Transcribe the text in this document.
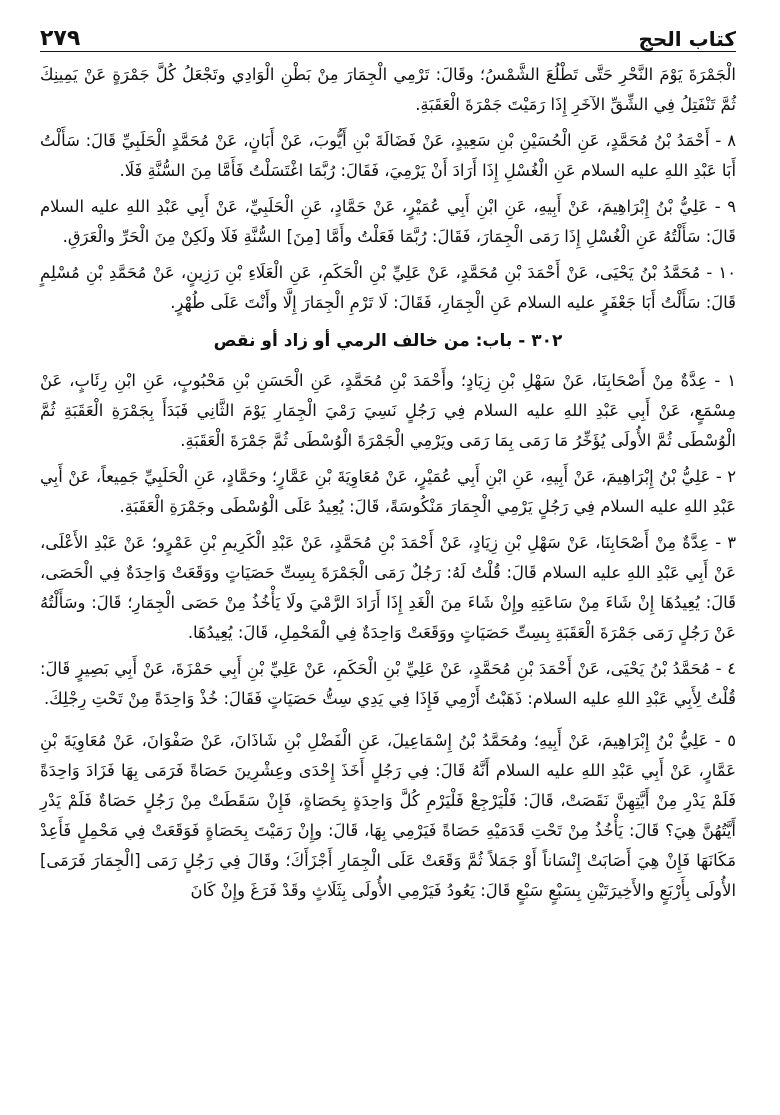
٢٧٩	كتاب الحج

الْجَمْرَةَ يَوْمَ النَّحْرِ حَتَّى تَطْلُعَ الشَّمْسُ؛ وقَالَ: تَرْمِي الْجِمَارَ مِنْ بَطْنِ الْوَادِي وتَجْعَلُ كُلَّ جَمْرَةٍ عَنْ يَمِينِكَ ثُمَّ تَنْفَتِلُ فِي الشِّقِّ الآخَرِ إِذَا رَمَيْتَ جَمْرَةَ الْعَقَبَةِ.

٨ - أَحْمَدُ بْنُ مُحَمَّدٍ، عَنِ الْحُسَيْنِ بْنِ سَعِيدٍ، عَنْ فَضَالَةَ بْنِ أَيُّوبَ، عَنْ أَبَانٍ، عَنْ مُحَمَّدٍ الْحَلَبِيِّ قَالَ: سَأَلْتُ أَبَا عَبْدِ اللهِ عليه السلام عَنِ الْغُسْلِ إِذَا أَرَادَ أَنْ يَرْمِيَ، فَقَالَ: رُبَّمَا اغْتَسَلْتُ فَأَمَّا مِنَ السُّنَّةِ فَلَا.

٩ - عَلِيُّ بْنُ إِبْرَاهِيمَ، عَنْ أَبِيهِ، عَنِ ابْنِ أَبِي عُمَيْرٍ، عَنْ حَمَّادٍ، عَنِ الْحَلَبِيِّ، عَنْ أَبِي عَبْدِ اللهِ عليه السلام قَالَ: سَأَلْتُهُ عَنِ الْغُسْلِ إِذَا رَمَى الْجِمَارَ، فَقَالَ: رُبَّمَا فَعَلْتُ وأَمَّا [مِنَ] السُّنَّةِ فَلَا ولَكِنْ مِنَ الْحَرِّ والْعَرَقِ.

١٠ - مُحَمَّدُ بْنُ يَحْيَى، عَنْ أَحْمَدَ بْنِ مُحَمَّدٍ، عَنْ عَلِيِّ بْنِ الْحَكَمِ، عَنِ الْعَلَاءِ بْنِ رَزِينٍ، عَنْ مُحَمَّدِ بْنِ مُسْلِمٍ قَالَ: سَأَلْتُ أَبَا جَعْفَرٍ عليه السلام عَنِ الْجِمَارِ، فَقَالَ: لَا تَرْمِ الْجِمَارَ إِلَّا وأَنْتَ عَلَى طُهْرٍ.

٣٠٢ - باب: من خالف الرمي أو زاد أو نقص

١ - عِدَّةٌ مِنْ أَصْحَابِنَا، عَنْ سَهْلِ بْنِ زِيَادٍ؛ وأَحْمَدَ بْنِ مُحَمَّدٍ، عَنِ الْحَسَنِ بْنِ مَحْبُوبٍ، عَنِ ابْنِ رِئَابٍ، عَنْ مِسْمَعٍ، عَنْ أَبِي عَبْدِ اللهِ عليه السلام فِي رَجُلٍ نَسِيَ رَمْيَ الْجِمَارِ يَوْمَ الثَّانِي فَبَدَأَ بِجَمْرَةِ الْعَقَبَةِ ثُمَّ الْوُسْطَى ثُمَّ الأُولَى يُؤَخِّرُ مَا رَمَى بِمَا رَمَى ويَرْمِي الْجَمْرَةَ الْوُسْطَى ثُمَّ جَمْرَةَ الْعَقَبَةِ.

٢ - عَلِيُّ بْنُ إِبْرَاهِيمَ، عَنْ أَبِيهِ، عَنِ ابْنِ أَبِي عُمَيْرٍ، عَنْ مُعَاوِيَةَ بْنِ عَمَّارٍ؛ وحَمَّادٍ، عَنِ الْحَلَبِيِّ جَمِيعاً، عَنْ أَبِي عَبْدِ اللهِ عليه السلام فِي رَجُلٍ يَرْمِي الْجِمَارَ مَنْكُوسَةً، قَالَ: يُعِيدُ عَلَى الْوُسْطَى وجَمْرَةِ الْعَقَبَةِ.

٣ - عِدَّةٌ مِنْ أَصْحَابِنَا، عَنْ سَهْلِ بْنِ زِيَادٍ، عَنْ أَحْمَدَ بْنِ مُحَمَّدٍ، عَنْ عَبْدِ الْكَرِيمِ بْنِ عَمْرٍو؛ عَنْ عَبْدِ الأَعْلَى، عَنْ أَبِي عَبْدِ اللهِ عليه السلام قَالَ: قُلْتُ لَهُ: رَجُلٌ رَمَى الْجَمْرَةَ بِسِتِّ حَصَيَاتٍ ووَقَعَتْ وَاحِدَةٌ فِي الْحَصَى، قَالَ: يُعِيدُهَا إِنْ شَاءَ مِنْ سَاعَتِهِ وإِنْ شَاءَ مِنَ الْغَدِ إِذَا أَرَادَ الرَّمْيَ ولَا يَأْخُذُ مِنْ حَصَى الْجِمَارِ؛ قَالَ: وسَأَلْتُهُ عَنْ رَجُلٍ رَمَى جَمْرَةَ الْعَقَبَةِ بِسِتِّ حَصَيَاتٍ ووَقَعَتْ وَاحِدَةٌ فِي الْمَحْمِلِ، قَالَ: يُعِيدُهَا.

٤ - مُحَمَّدُ بْنُ يَحْيَى، عَنْ أَحْمَدَ بْنِ مُحَمَّدٍ، عَنْ عَلِيِّ بْنِ الْحَكَمِ، عَنْ عَلِيِّ بْنِ أَبِي حَمْزَةَ، عَنْ أَبِي بَصِيرٍ قَالَ: قُلْتُ لِأَبِي عَبْدِ اللهِ عليه السلام: ذَهَبْتُ أَرْمِي فَإِذَا فِي يَدِي سِتُّ حَصَيَاتٍ فَقَالَ: خُذْ وَاحِدَةً مِنْ تَحْتِ رِجْلِكَ.

٥ - عَلِيُّ بْنُ إِبْرَاهِيمَ، عَنْ أَبِيهِ؛ ومُحَمَّدُ بْنُ إِسْمَاعِيلَ، عَنِ الْفَضْلِ بْنِ شَاذَانَ، عَنْ صَفْوَانَ، عَنْ مُعَاوِيَةَ بْنِ عَمَّارٍ، عَنْ أَبِي عَبْدِ اللهِ عليه السلام أَنَّهُ قَالَ: فِي رَجُلٍ أَخَذَ إِحْدَى وعِشْرِينَ حَصَاةً فَرَمَى بِهَا فَزَادَ وَاحِدَةً فَلَمْ يَدْرِ مِنْ أَيَّتِهِنَّ نَقَصَتْ، قَالَ: فَلْيَرْجِعْ فَلْيَرْمِ كُلَّ وَاحِدَةٍ بِحَصَاةٍ، فَإِنْ سَقَطَتْ مِنْ رَجُلٍ حَصَاةٌ فَلَمْ يَدْرِ أَيَّتُهُنَّ هِيَ؟ قَالَ: يَأْخُذُ مِنْ تَحْتِ قَدَمَيْهِ حَصَاةً فَيَرْمِي بِهَا، قَالَ: وإِنْ رَمَيْتَ بِحَصَاةٍ فَوَقَعَتْ فِي مَحْمِلٍ فَأَعِدْ مَكَانَهَا فَإِنْ هِيَ أَصَابَتْ إِنْسَاناً أَوْ جَمَلاً ثُمَّ وَقَعَتْ عَلَى الْجِمَارِ أَجْزَأَكَ؛ وقَالَ فِي رَجُلٍ رَمَى [الْجِمَارَ فَرَمَى] الأُولَى بِأَرْبَعٍ والأَخِيرَتَيْنِ بِسَبْعٍ سَبْعٍ قَالَ: يَعُودُ فَيَرْمِي الأُولَى بِثَلَاثٍ وقَدْ فَرَغَ وإِنْ كَانَ
